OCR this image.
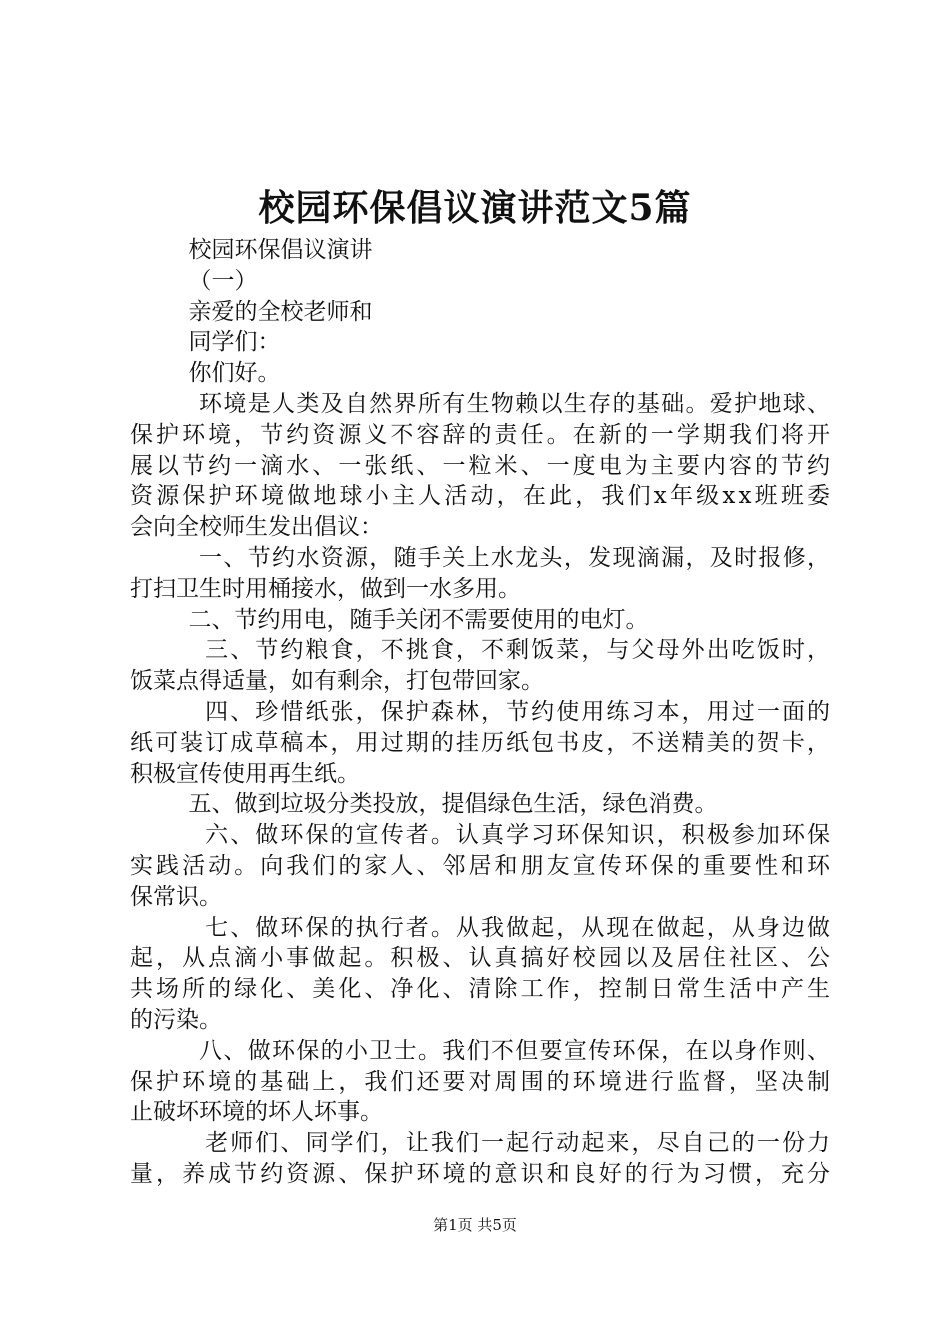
校园环保倡议演讲范文5篇
校园环保倡议演讲
（一）
亲爱的全校老师和
同学们：
你们好。
环境是人类及自然界所有生物赖以生存的基础。爱护地球、
保护环境，节约资源义不容辞的责任。在新的一学期我们将开
展以节约一滴水、一张纸、一粒米、一度电为主要内容的节约
资源保护环境做地球小主人活动，在此，我们x年级xx班班委
会向全校师生发出倡议：
一、节约水资源，随手关上水龙头，发现滴漏，及时报修，
打扫卫生时用桶接水，做到一水多用。
二、节约用电，随手关闭不需要使用的电灯。
三、节约粮食，不挑食，不剩饭菜，与父母外出吃饭时，
饭菜点得适量，如有剩余，打包带回家。
四、珍惜纸张，保护森林，节约使用练习本，用过一面的
纸可装订成草稿本，用过期的挂历纸包书皮，不送精美的贺卡，
积极宣传使用再生纸。
五、做到垃圾分类投放，提倡绿色生活，绿色消费。
六、做环保的宣传者。认真学习环保知识，积极参加环保
实践活动。向我们的家人、邻居和朋友宣传环保的重要性和环
保常识。
七、做环保的执行者。从我做起，从现在做起，从身边做
起，从点滴小事做起。积极、认真搞好校园以及居住社区、公
共场所的绿化、美化、净化、清除工作，控制日常生活中产生
的污染。
八、做环保的小卫士。我们不但要宣传环保，在以身作则、
保护环境的基础上，我们还要对周围的环境进行监督，坚决制
止破坏环境的坏人坏事。
老师们、同学们，让我们一起行动起来，尽自己的一份力
量，养成节约资源、保护环境的意识和良好的行为习惯，充分
第1页 共5页
